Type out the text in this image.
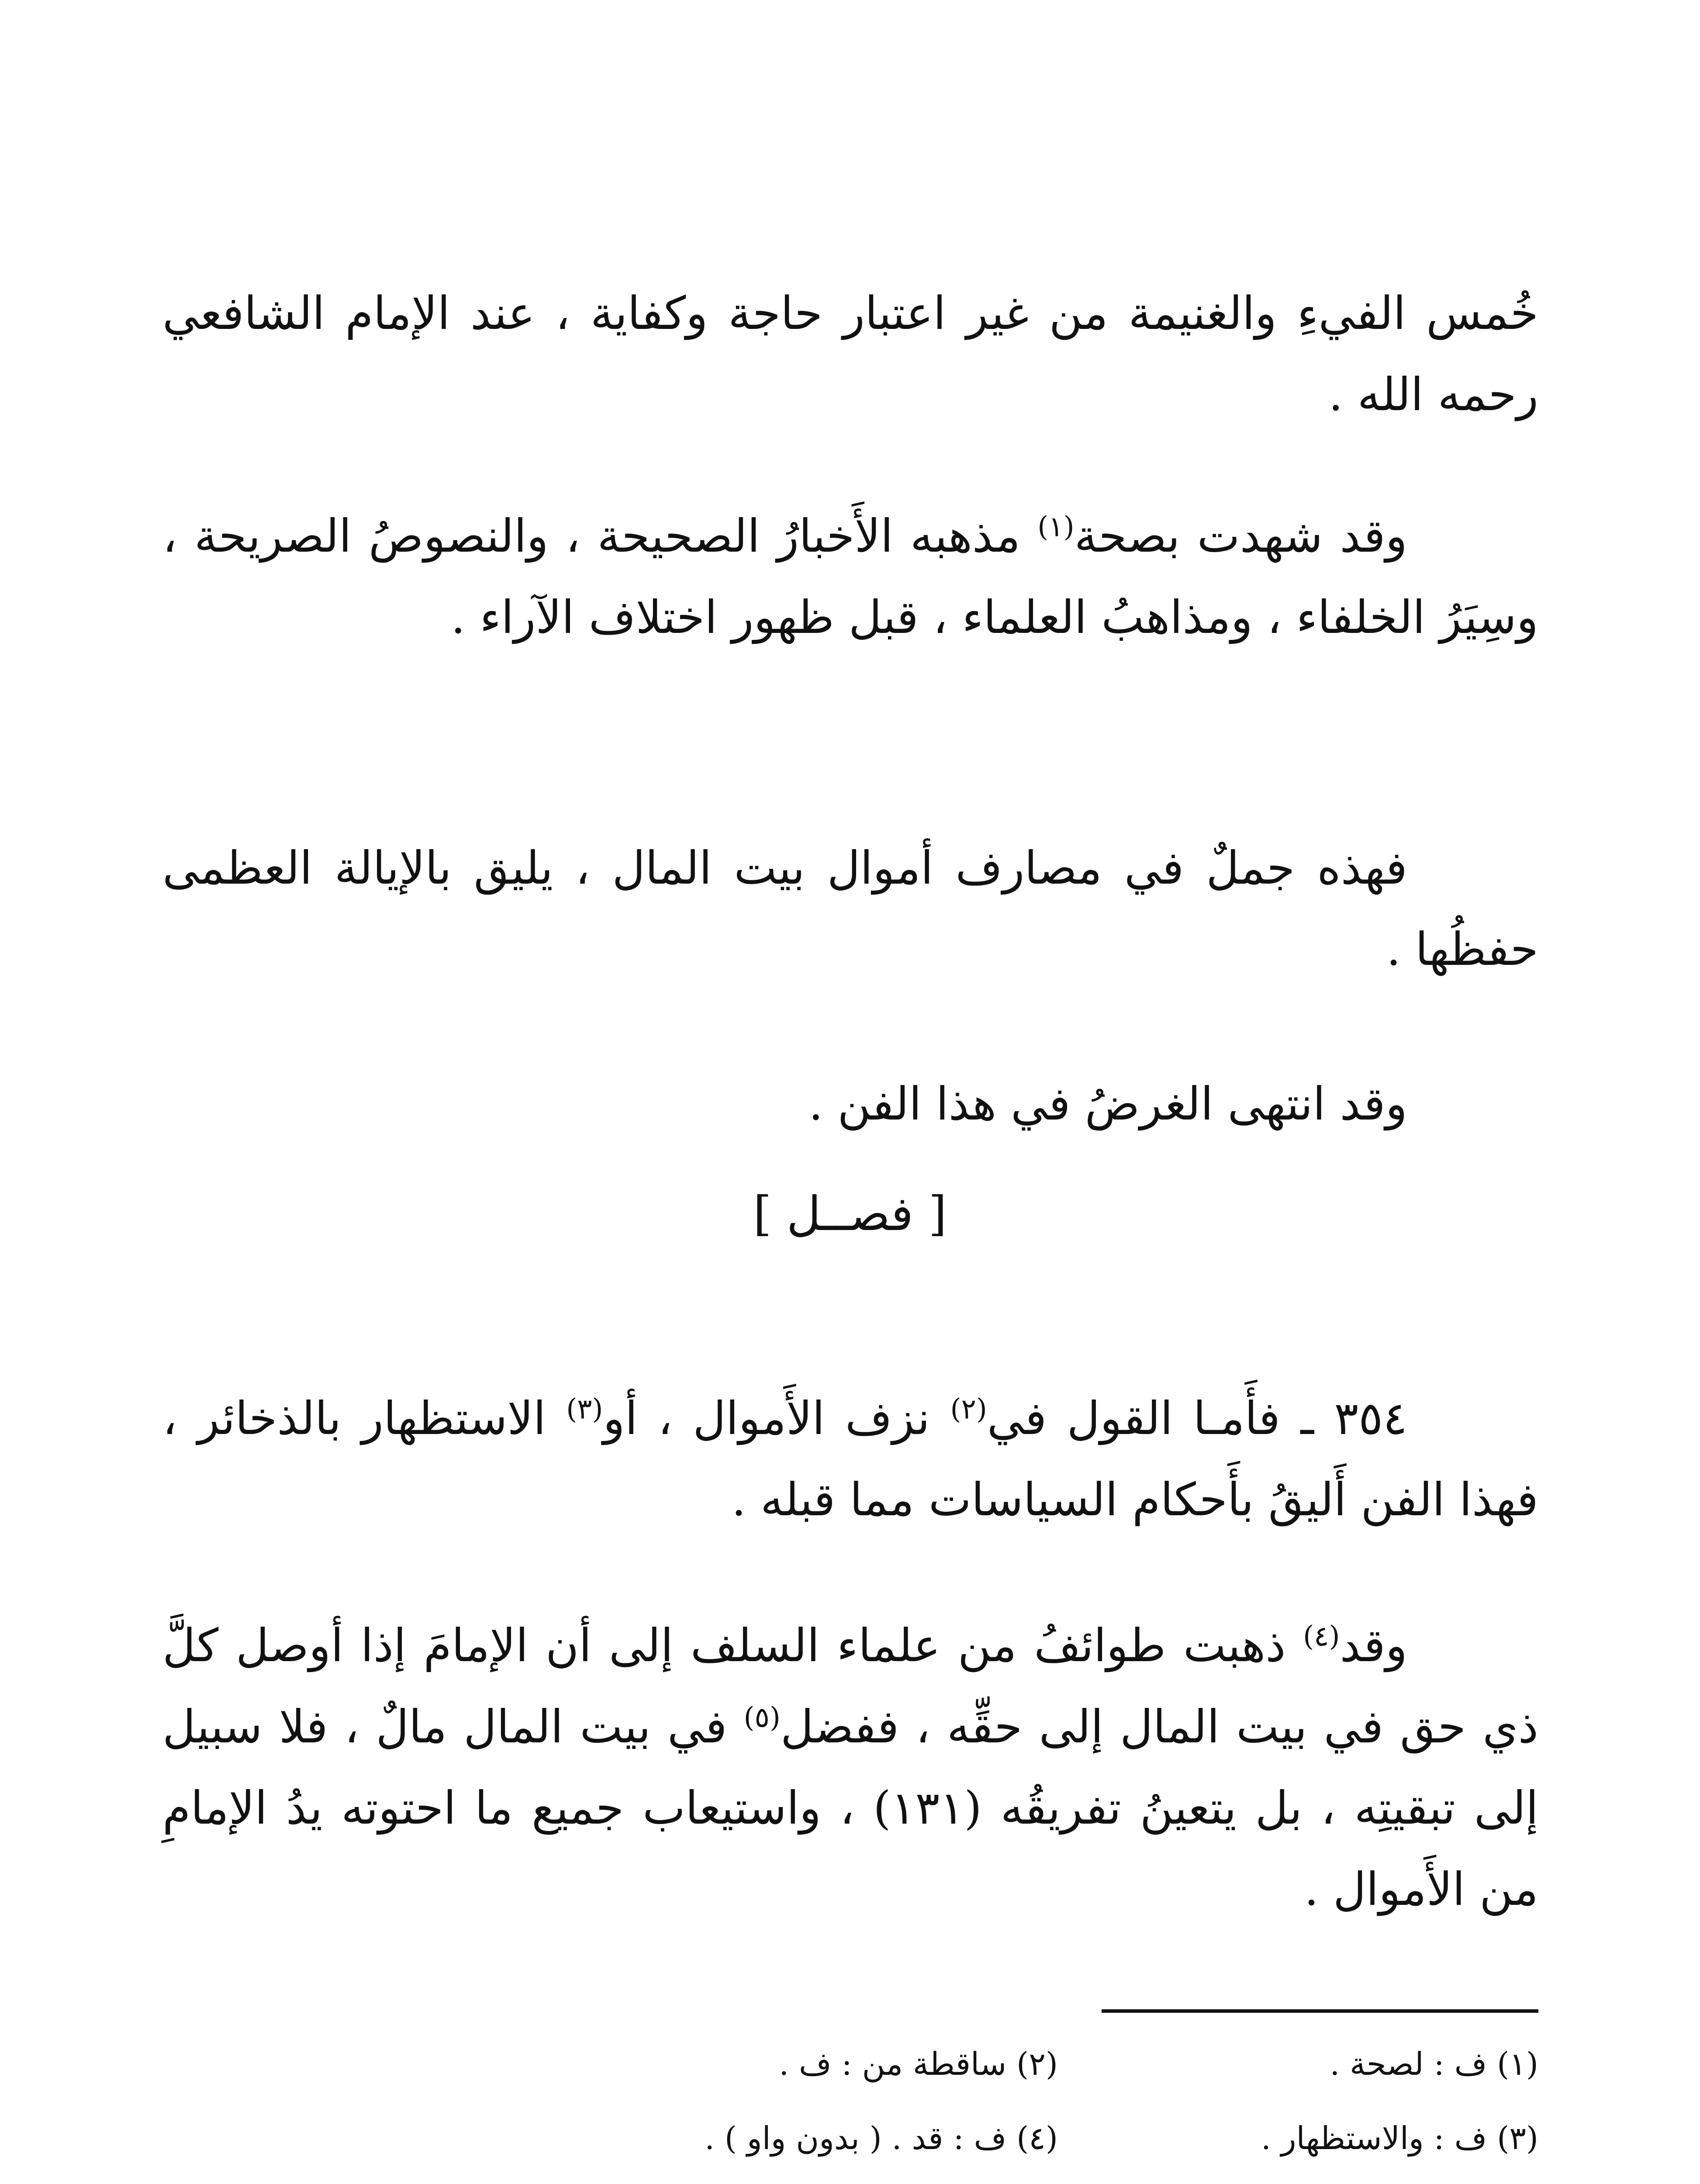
خُمس الفيءِ والغنيمة من غير اعتبار حاجة وكفاية ، عند الإمام الشافعي رحمه الله .

وقد شهدت بصحة$^{(١)}$ مذهبه الأَخبارُ الصحيحة ، والنصوصُ الصريحة ، وسِيَرُ الخلفاء ، ومذاهبُ العلماء ، قبل ظهور اختلاف الآراء .

فهذه جملٌ في مصارف أموال بيت المال ، يليق بالإيالة العظمى حفظُها .

وقد انتهى الغرضُ في هذا الفن .

[ فصــل ]

٣٥٤ ـ فأَمـا القول في$^{(٢)}$ نزف الأَموال ، أو$^{(٣)}$ الاستظهار بالذخائر ، فهذا الفن أَليقُ بأَحكام السياسات مما قبله .

وقد$^{(٤)}$ ذهبت طوائفُ من علماء السلف إلى أن الإمامَ إذا أوصل كلَّ ذي حق في بيت المال إلى حقِّه ، ففضل$^{(٥)}$ في بيت المال مالٌ ، فلا سبيل إلى تبقيتِه ، بل يتعينُ تفريقُه (١٣١) ، واستيعاب جميع ما احتوته يدُ الإمامِ من الأَموال .

(١) ف : لصحة .
(٢) ساقطة من : ف .
(٣) ف : والاستظهار .
(٤) ف : قد . ( بدون واو ) .
